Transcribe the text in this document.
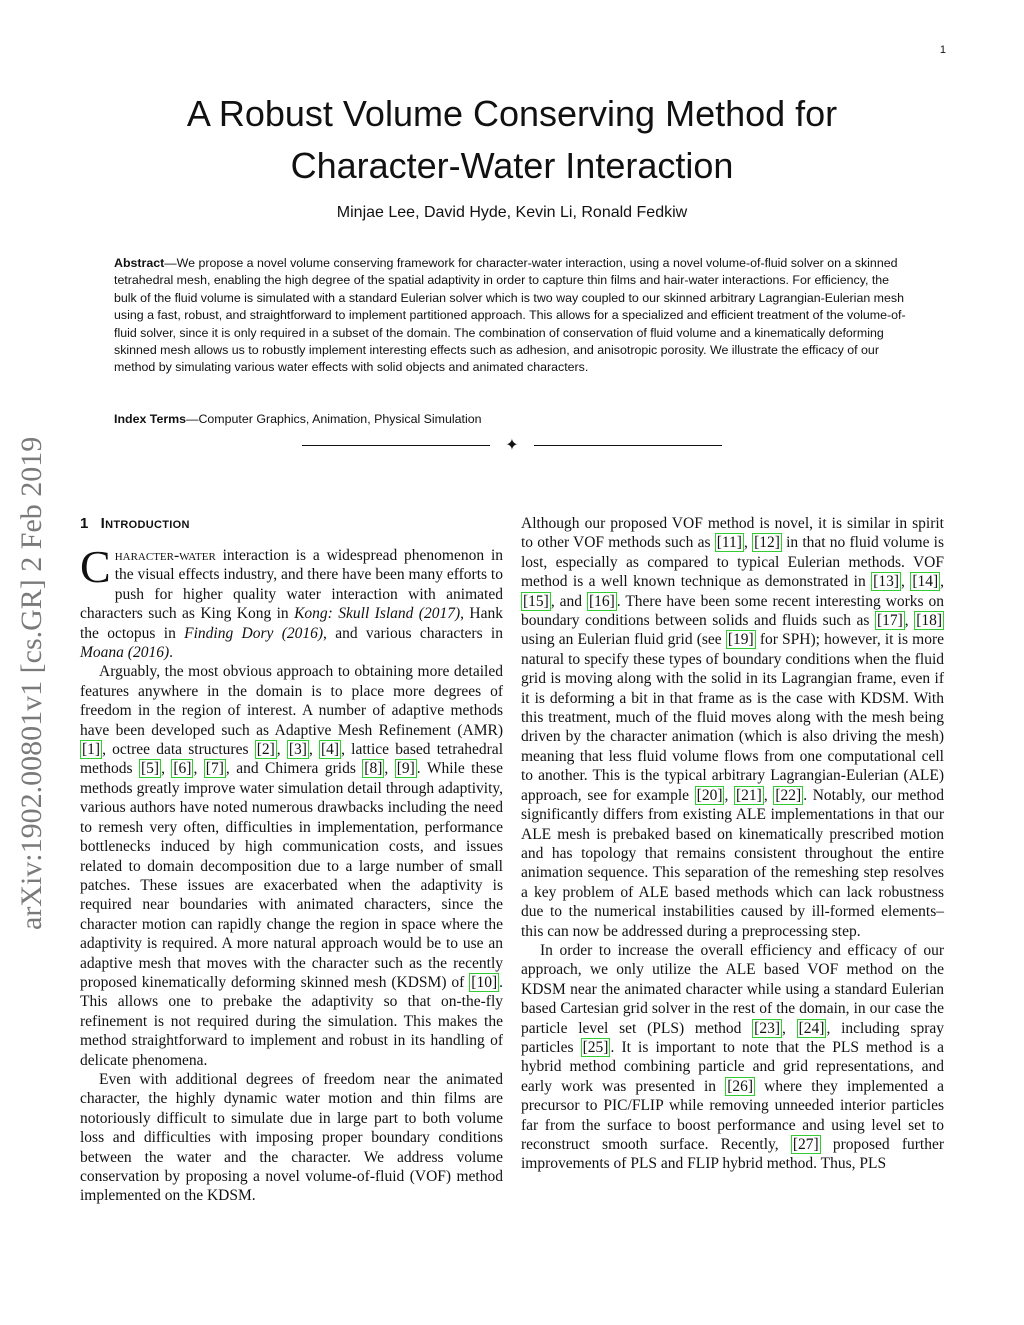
1
A Robust Volume Conserving Method for
Character-Water Interaction
Minjae Lee, David Hyde, Kevin Li, Ronald Fedkiw

Abstract—We propose a novel volume conserving framework for character-water interaction, using a novel volume-of-fluid solver on a skinned tetrahedral mesh, enabling the high degree of the spatial adaptivity in order to capture thin films and hair-water interactions. For efficiency, the bulk of the fluid volume is simulated with a standard Eulerian solver which is two way coupled to our skinned arbitrary Lagrangian-Eulerian mesh using a fast, robust, and straightforward to implement partitioned approach. This allows for a specialized and efficient treatment of the volume-of-fluid solver, since it is only required in a subset of the domain. The combination of conservation of fluid volume and a kinematically deforming skinned mesh allows us to robustly implement interesting effects such as adhesion, and anisotropic porosity. We illustrate the efficacy of our method by simulating various water effects with solid objects and animated characters.

Index Terms—Computer Graphics, Animation, Physical Simulation

✦
arXiv:1902.00801v1 [cs.GR] 2 Feb 2019 1 Introduction

Character-water interaction is a widespread phenomenon in the visual effects industry, and there have been many efforts to push for higher quality water interaction with animated characters such as King Kong in Kong: Skull Island (2017), Hank the octopus in Finding Dory (2016), and various characters in Moana (2016).

Arguably, the most obvious approach to obtaining more detailed features anywhere in the domain is to place more degrees of freedom in the region of interest. A number of adaptive methods have been developed such as Adaptive Mesh Refinement (AMR) [1] , octree data structures [2] , [3] , [4] , lattice based tetrahedral methods [5] , [6] , [7] , and Chimera grids [8] , [9] . While these methods greatly improve water simulation detail through adaptivity, various authors have noted numerous drawbacks including the need to remesh very often, difficulties in implementation, performance bottlenecks induced by high communication costs, and issues related to domain decomposition due to a large number of small patches. These issues are exacerbated when the adaptivity is required near boundaries with animated characters, since the character motion can rapidly change the region in space where the adaptivity is required. A more natural approach would be to use an adaptive mesh that moves with the character such as the recently proposed kinematically deforming skinned mesh (KDSM) of [10] . This allows one to prebake the adaptivity so that on-the-fly refinement is not required during the simulation. This makes the method straightforward to implement and robust in its handling of delicate phenomena.

Even with additional degrees of freedom near the animated character, the highly dynamic water motion and thin films are notoriously difficult to simulate due in large part to both volume loss and difficulties with imposing proper boundary conditions between the water and the character. We address volume conservation by proposing a novel volume-of-fluid (VOF) method implemented on the KDSM.

Although our proposed VOF method is novel, it is similar in spirit to other VOF methods such as [11] , [12] in that no fluid volume is lost, especially as compared to typical Eulerian methods. VOF method is a well known technique as demonstrated in [13] , [14] , [15] , and [16] . There have been some recent interesting works on boundary conditions between solids and fluids such as [17] , [18] using an Eulerian fluid grid (see [19] for SPH); however, it is more natural to specify these types of boundary conditions when the fluid grid is moving along with the solid in its Lagrangian frame, even if it is deforming a bit in that frame as is the case with KDSM. With this treatment, much of the fluid moves along with the mesh being driven by the character animation (which is also driving the mesh) meaning that less fluid volume flows from one computational cell to another. This is the typical arbitrary Lagrangian-Eulerian (ALE) approach, see for example [20] , [21] , [22] . Notably, our method significantly differs from existing ALE implementations in that our ALE mesh is prebaked based on kinematically prescribed motion and has topology that remains consistent throughout the entire animation sequence. This separation of the remeshing step resolves a key problem of ALE based methods which can lack robustness due to the numerical instabilities caused by ill-formed elements–this can now be addressed during a preprocessing step.

In order to increase the overall efficiency and efficacy of our approach, we only utilize the ALE based VOF method on the KDSM near the animated character while using a standard Eulerian based Cartesian grid solver in the rest of the domain, in our case the particle level set (PLS) method [23] , [24] , including spray particles [25] . It is important to note that the PLS method is a hybrid method combining particle and grid representations, and early work was presented in [26] where they implemented a precursor to PIC/FLIP while removing unneeded interior particles far from the surface to boost performance and using level set to reconstruct smooth surface. Recently, [27] proposed further improvements of PLS and FLIP hybrid method. Thus, PLS
